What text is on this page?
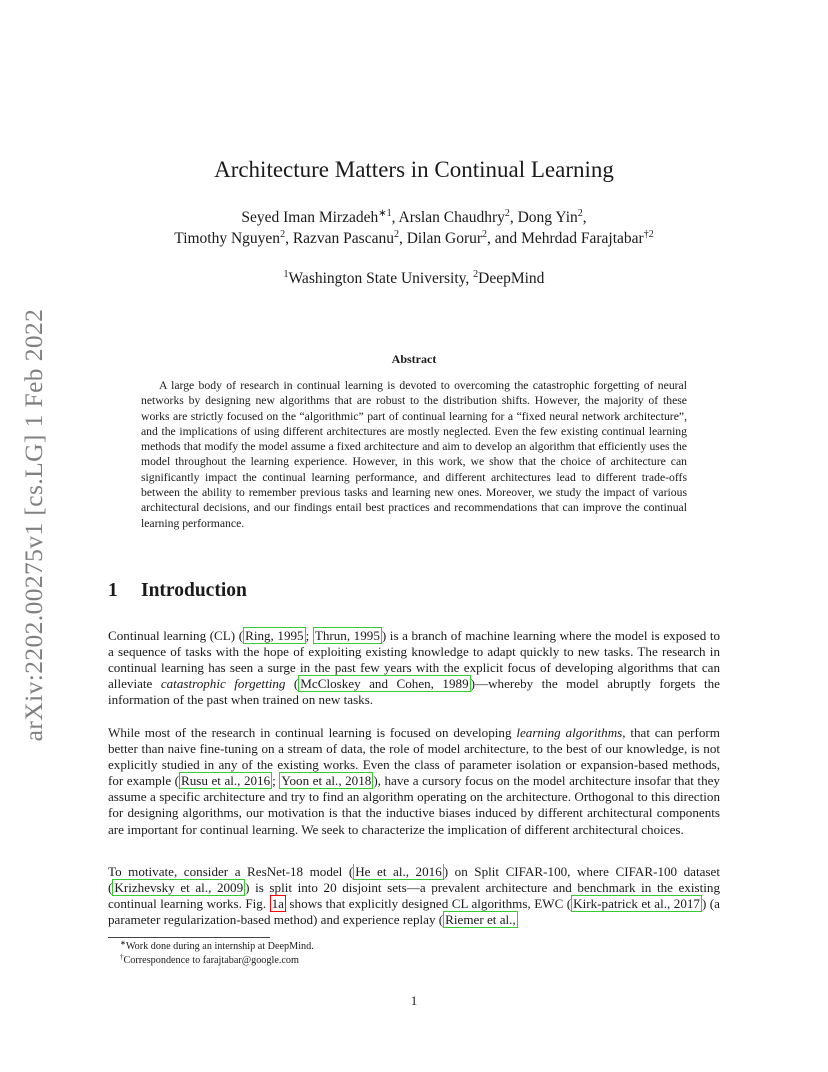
arXiv:2202.00275v1 [cs.LG] 1 Feb 2022
Architecture Matters in Continual Learning
Seyed Iman Mirzadeh$^{∗1}$, Arslan Chaudhry$^2$, Dong Yin$^2$,
Timothy Nguyen$^2$, Razvan Pascanu$^2$, Dilan Gorur$^2$, and Mehrdad Farajtabar$^{\dagger 2}$
$^1$Washington State University, $^2$DeepMind
Abstract

A large body of research in continual learning is devoted to overcoming the catastrophic forgetting of neural networks by designing new algorithms that are robust to the distribution shifts. However, the majority of these works are strictly focused on the “algorithmic” part of continual learning for a “fixed neural network architecture”, and the implications of using different architectures are mostly neglected. Even the few existing continual learning methods that modify the model assume a fixed architecture and aim to develop an algorithm that efficiently uses the model throughout the learning experience. However, in this work, we show that the choice of architecture can significantly impact the continual learning performance, and different architectures lead to different trade-offs between the ability to remember previous tasks and learning new ones. Moreover, we study the impact of various architectural decisions, and our findings entail best practices and recommendations that can improve the continual learning performance.

1 Introduction

Continual learning (CL) ( Ring, 1995 ; Thrun, 1995 ) is a branch of machine learning where the model is exposed to a sequence of tasks with the hope of exploiting existing knowledge to adapt quickly to new tasks. The research in continual learning has seen a surge in the past few years with the explicit focus of developing algorithms that can alleviate catastrophic forgetting ( McCloskey and Cohen, 1989 )—whereby the model abruptly forgets the information of the past when trained on new tasks.

While most of the research in continual learning is focused on developing learning algorithms, that can perform better than naive fine-tuning on a stream of data, the role of model architecture, to the best of our knowledge, is not explicitly studied in any of the existing works. Even the class of parameter isolation or expansion-based methods, for example ( Rusu et al., 2016 ; Yoon et al., 2018 ), have a cursory focus on the model architecture insofar that they assume a specific architecture and try to find an algorithm operating on the architecture. Orthogonal to this direction for designing algorithms, our motivation is that the inductive biases induced by different architectural components are important for continual learning. We seek to characterize the implication of different architectural choices.

To motivate, consider a ResNet-18 model ( He et al., 2016 ) on Split CIFAR-100, where CIFAR-100 dataset ( Krizhevsky et al., 2009 ) is split into 20 disjoint sets—a prevalent architecture and benchmark in the existing continual learning works. Fig. 1a shows that explicitly designed CL algorithms, EWC ( Kirk-patrick et al., 2017 ) (a parameter regularization-based method) and experience replay ( Riemer et al.,

∗Work done during an internship at DeepMind.
†Correspondence to farajtabar@google.com
1
